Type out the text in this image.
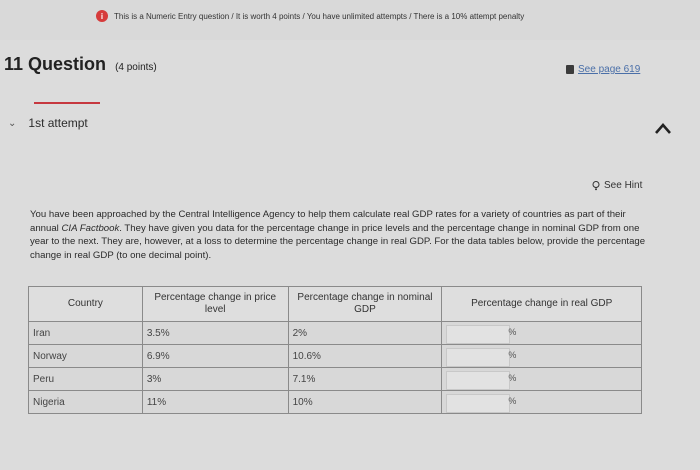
i	This is a Numeric Entry question / It is worth 4 points / You have unlimited attempts / There is a 10% attempt penalty
11 Question (4 points)	See page 619
⌄ 1st attempt
See Hint
You have been approached by the Central Intelligence Agency to help them calculate real GDP rates for a variety of countries as part of their annual CIA Factbook. They have given you data for the percentage change in price levels and the percentage change in nominal GDP from one year to the next. They are, however, at a loss to determine the percentage change in real GDP. For the data tables below, provide the percentage change in real GDP (to one decimal point).
Country	Percentage change in price level	Percentage change in nominal GDP	Percentage change in real GDP
Iran	3.5%	2%	%

Norway	6.9%	10.6%	%

Peru	3%	7.1%	%

Nigeria	11%	10%	%
